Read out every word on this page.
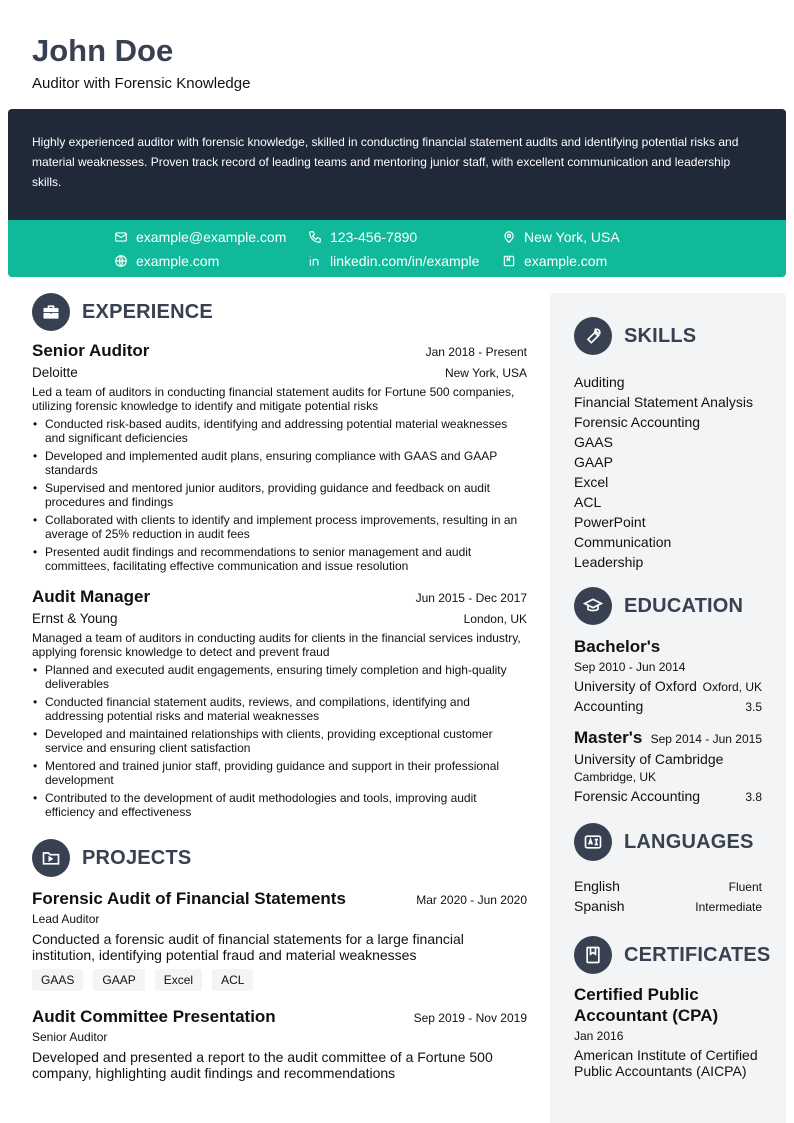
John Doe
Auditor with Forensic Knowledge
Highly experienced auditor with forensic knowledge, skilled in conducting financial statement audits and identifying potential risks and material weaknesses. Proven track record of leading teams and mentoring junior staff, with excellent communication and leadership skills.
example@example.com	123-456-7890	New York, USA
example.com	linkedin.com/in/example	example.com
EXPERIENCE
Senior Auditor	Jan 2018 - Present
Deloitte	New York, USA
Led a team of auditors in conducting financial statement audits for Fortune 500 companies, utilizing forensic knowledge to identify and mitigate potential risks
• Conducted risk-based audits, identifying and addressing potential material weaknesses and significant deficiencies
• Developed and implemented audit plans, ensuring compliance with GAAS and GAAP standards
• Supervised and mentored junior auditors, providing guidance and feedback on audit procedures and findings
• Collaborated with clients to identify and implement process improvements, resulting in an average of 25% reduction in audit fees
• Presented audit findings and recommendations to senior management and audit committees, facilitating effective communication and issue resolution
Audit Manager	Jun 2015 - Dec 2017
Ernst & Young	London, UK
Managed a team of auditors in conducting audits for clients in the financial services industry, applying forensic knowledge to detect and prevent fraud
• Planned and executed audit engagements, ensuring timely completion and high-quality deliverables
• Conducted financial statement audits, reviews, and compilations, identifying and addressing potential risks and material weaknesses
• Developed and maintained relationships with clients, providing exceptional customer service and ensuring client satisfaction
• Mentored and trained junior staff, providing guidance and support in their professional development
• Contributed to the development of audit methodologies and tools, improving audit efficiency and effectiveness
PROJECTS
Forensic Audit of Financial Statements	Mar 2020 - Jun 2020
Lead Auditor
Conducted a forensic audit of financial statements for a large financial institution, identifying potential fraud and material weaknesses
GAAS	GAAP	Excel	ACL
Audit Committee Presentation	Sep 2019 - Nov 2019
Senior Auditor
Developed and presented a report to the audit committee of a Fortune 500 company, highlighting audit findings and recommendations
SKILLS
Auditing
Financial Statement Analysis
Forensic Accounting
GAAS
GAAP
Excel
ACL
PowerPoint
Communication
Leadership
EDUCATION
Bachelor's
Sep 2010 - Jun 2014
University of Oxford Oxford, UK
Accounting	3.5
Master's Sep 2014 - Jun 2015
University of Cambridge
Cambridge, UK
Forensic Accounting	3.8
LANGUAGES
English	Fluent
Spanish	Intermediate
CERTIFICATES
Certified Public Accountant (CPA)
Jan 2016
American Institute of Certified Public Accountants (AICPA)
